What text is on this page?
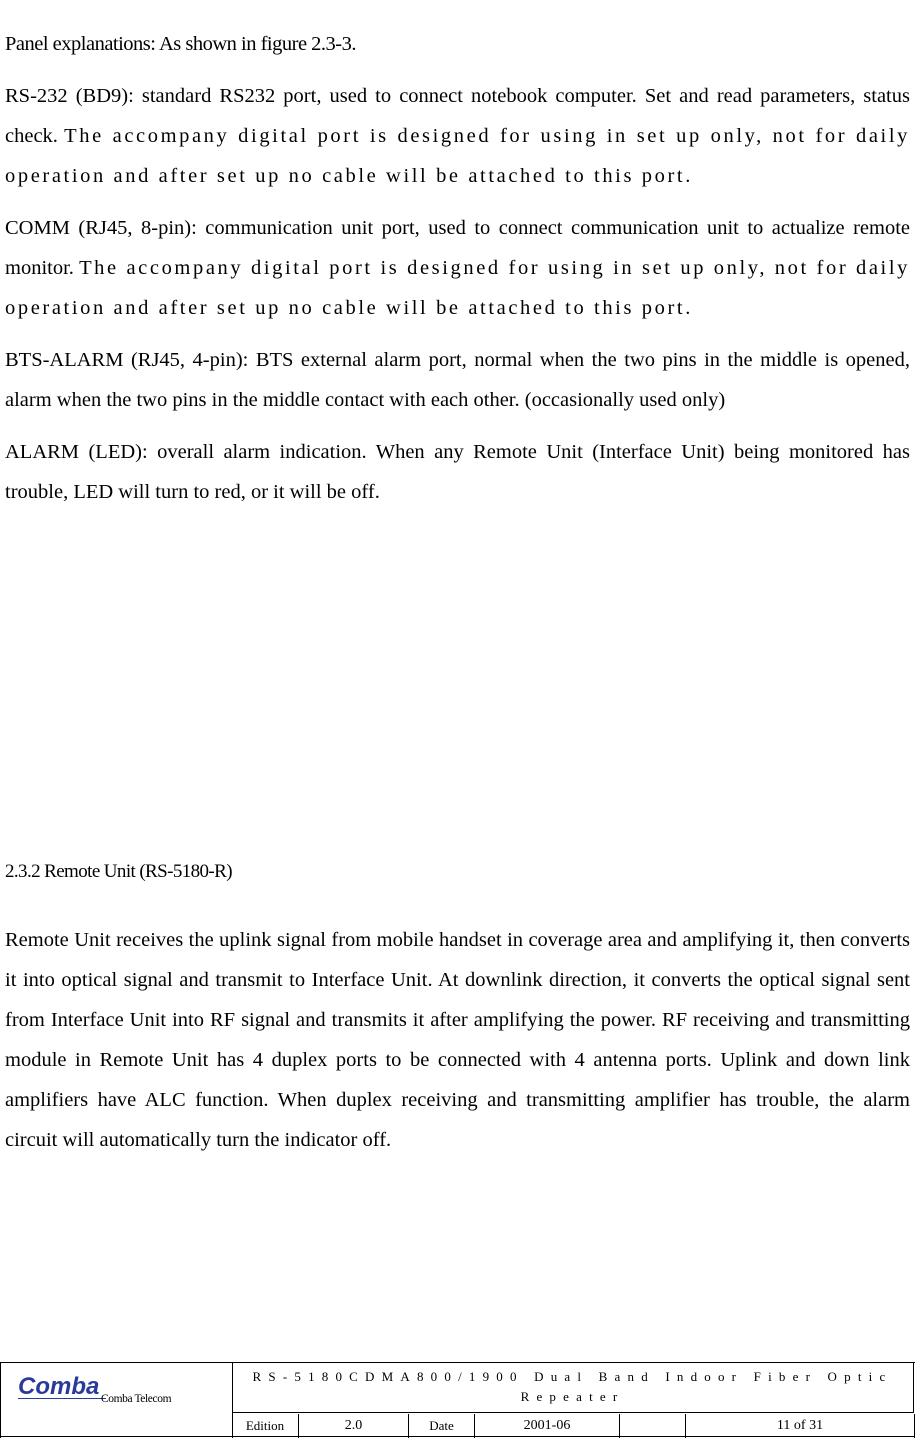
Panel explanations: As shown in figure 2.3-3.

RS-232 (BD9): standard RS232 port, used to connect notebook computer. Set and read parameters, status check. The accompany digital port is designed for using in set up only, not for daily operation and after set up no cable will be attached to this port.

COMM (RJ45, 8-pin): communication unit port, used to connect communication unit to actualize remote monitor. The accompany digital port is designed for using in set up only, not for daily operation and after set up no cable will be attached to this port.

BTS-ALARM (RJ45, 4-pin): BTS external alarm port, normal when the two pins in the middle is opened, alarm when the two pins in the middle contact with each other. (occasionally used only)

ALARM (LED): overall alarm indication. When any Remote Unit (Interface Unit) being monitored has trouble, LED will turn to red, or it will be off.

2.3.2 Remote Unit (RS-5180-R)

Remote Unit receives the uplink signal from mobile handset in coverage area and amplifying it, then converts it into optical signal and transmit to Interface Unit. At downlink direction, it converts the optical signal sent from Interface Unit into RF signal and transmits it after amplifying the power. RF receiving and transmitting module in Remote Unit has 4 duplex ports to be connected with 4 antenna ports. Uplink and down link amplifiers have ALC function. When duplex receiving and transmitting amplifier has trouble, the alarm circuit will automatically turn the indicator off.

Comba Comba Telecom
RS-5180CDMA800/1900 Dual Band Indoor Fiber Optic Repeater
Edition	2.0	Date	2001-06	11 of 31
